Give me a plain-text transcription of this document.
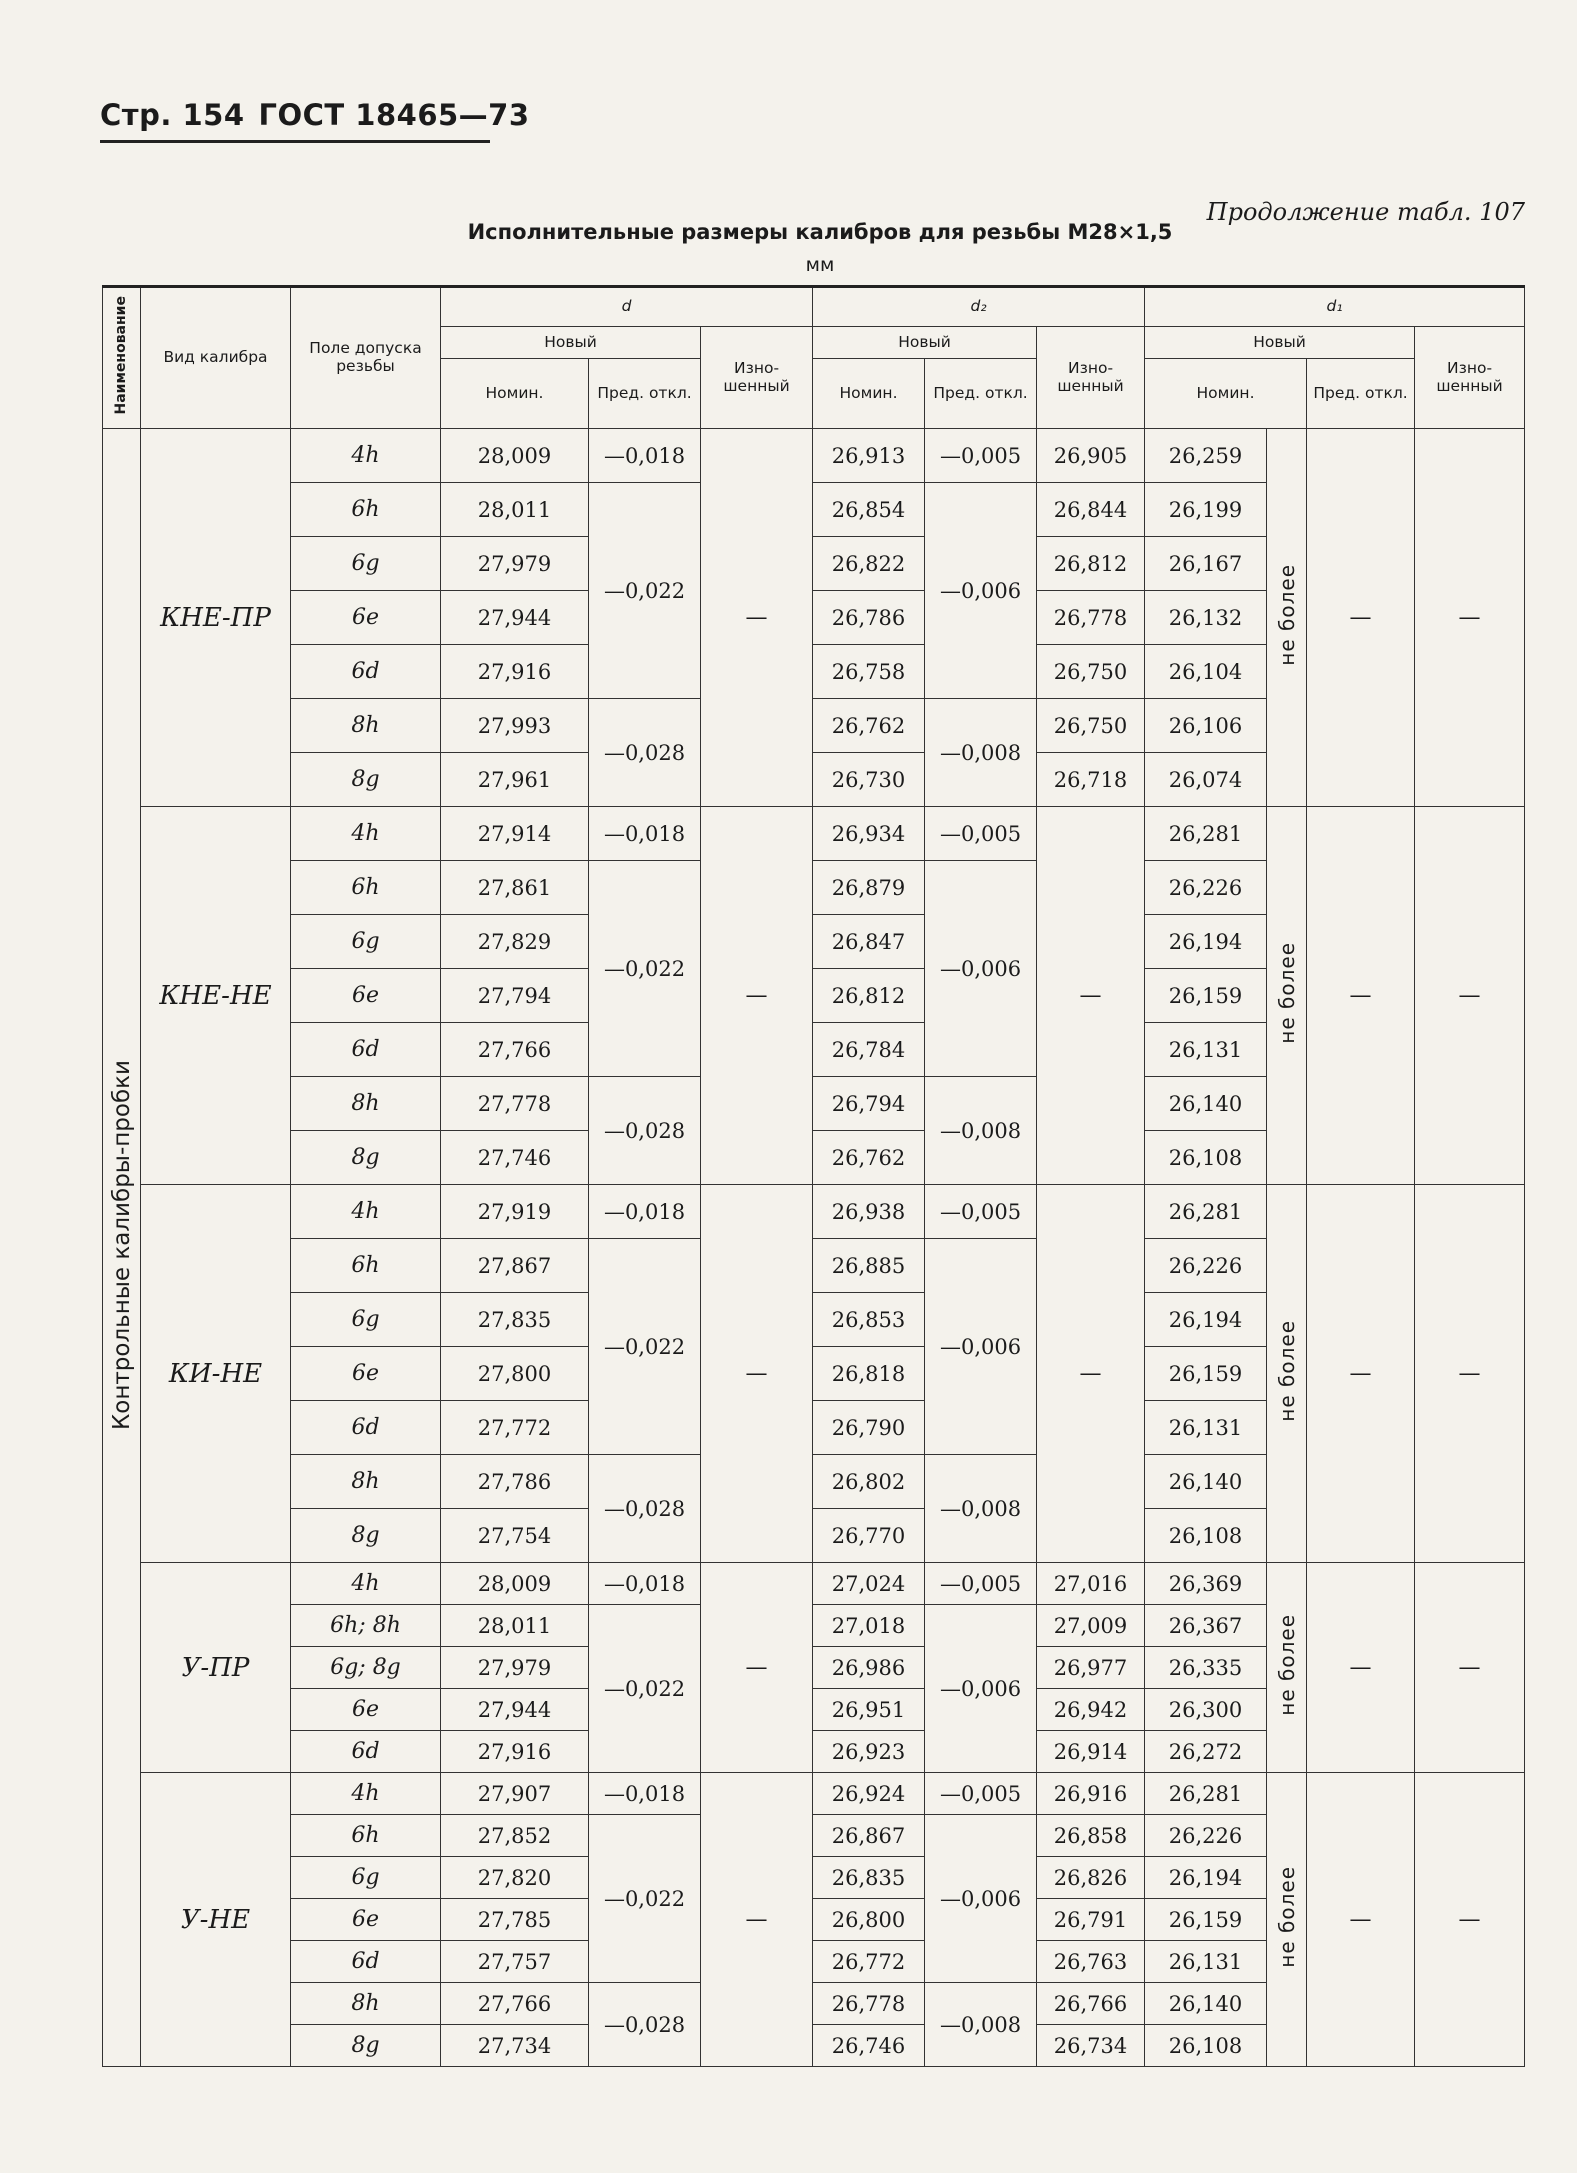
Стр. 154 ГОСТ 18465—73
Продолжение табл. 107
Исполнительные размеры калибров для резьбы M28×1,5
мм
Наименование	Вид калибра	Поле допуска резьбы	d			d₂			d₁			
			Новый		Изно-шенный	Новый		Изно-шенный	Новый			Изно-шенный
			Номин.	Пред. откл.		Номин.	Пред. откл.		Номин.		Пред. откл.	
Контрольные калибры-пробки	КНЕ-ПР	4h	28,009	—0,018	—	26,913	—0,005	26,905	26,259	не более	—	—
		6h	28,011	—0,022		26,854	—0,006	26,844	26,199			
		6g	27,979			26,822		26,812	26,167			
		6e	27,944			26,786		26,778	26,132			
		6d	27,916			26,758		26,750	26,104			
		8h	27,993	—0,028		26,762	—0,008	26,750	26,106			
		8g	27,961			26,730		26,718	26,074			
	КНЕ-НЕ	4h	27,914	—0,018	—	26,934	—0,005	—	26,281	не более	—	—
		6h	27,861	—0,022		26,879	—0,006		26,226			
		6g	27,829			26,847			26,194			
		6e	27,794			26,812			26,159			
		6d	27,766			26,784			26,131			
		8h	27,778	—0,028		26,794	—0,008		26,140			
		8g	27,746			26,762			26,108			
	КИ-НЕ	4h	27,919	—0,018	—	26,938	—0,005	—	26,281	не более	—	—
		6h	27,867	—0,022		26,885	—0,006		26,226			
		6g	27,835			26,853			26,194			
		6e	27,800			26,818			26,159			
		6d	27,772			26,790			26,131			
		8h	27,786	—0,028		26,802	—0,008		26,140			
		8g	27,754			26,770			26,108			
	У-ПР	4h	28,009	—0,018	—	27,024	—0,005	27,016	26,369	не более	—	—
		6h; 8h	28,011	—0,022		27,018	—0,006	27,009	26,367			
		6g; 8g	27,979			26,986		26,977	26,335			
		6e	27,944			26,951		26,942	26,300			
		6d	27,916			26,923		26,914	26,272			
	У-НЕ	4h	27,907	—0,018	—	26,924	—0,005	26,916	26,281	не более	—	—
		6h	27,852	—0,022		26,867	—0,006	26,858	26,226			
		6g	27,820			26,835		26,826	26,194			
		6e	27,785			26,800		26,791	26,159			
		6d	27,757			26,772		26,763	26,131			
		8h	27,766	—0,028		26,778	—0,008	26,766	26,140			
		8g	27,734			26,746		26,734	26,108			
